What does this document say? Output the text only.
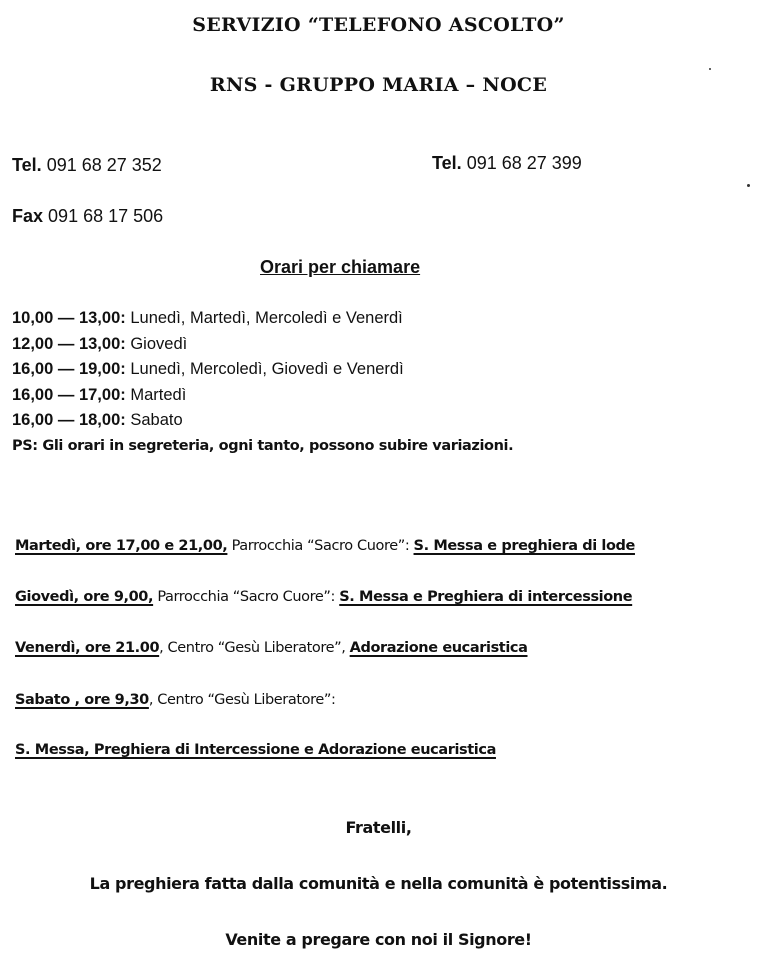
SERVIZIO “TELEFONO ASCOLTO”
RNS - GRUPPO MARIA – NOCE
Tel. 091 68 27 352	Tel. 091 68 27 399
Fax 091 68 17 506
Orari per chiamare
10,00 — 13,00: Lunedì, Martedì, Mercoledì e Venerdì
12,00 — 13,00: Giovedì
16,00 — 19,00: Lunedì, Mercoledì, Giovedì e Venerdì
16,00 — 17,00: Martedì
16,00 — 18,00: Sabato
PS: Gli orari in segreteria, ogni tanto, possono subire variazioni.
Martedì, ore 17,00 e 21,00, Parrocchia “Sacro Cuore”: S. Messa e preghiera di lode
Giovedì, ore 9,00, Parrocchia “Sacro Cuore”: S. Messa e Preghiera di intercessione
Venerdì, ore 21.00, Centro “Gesù Liberatore”, Adorazione eucaristica
Sabato , ore 9,30, Centro “Gesù Liberatore”:
S. Messa, Preghiera di Intercessione e Adorazione eucaristica
Fratelli,
La preghiera fatta dalla comunità e nella comunità è potentissima.
Venite a pregare con noi il Signore!
